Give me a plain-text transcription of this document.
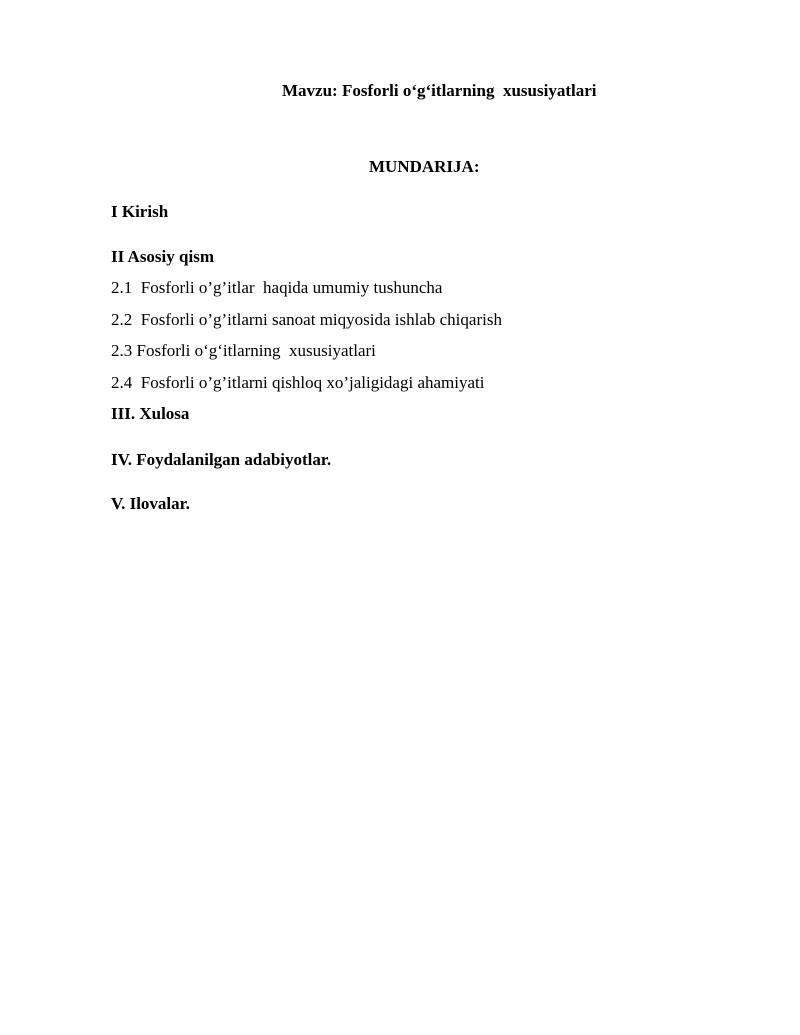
Mavzu: Fosforli o‘g‘itlarning  xususiyatlari
MUNDARIJA:
I Kirish
II Asosiy qism
2.1  Fosforli o’g’itlar  haqida umumiy tushuncha
2.2  Fosforli o’g’itlarni sanoat miqyosida ishlab chiqarish
2.3 Fosforli o‘g‘itlarning  xususiyatlari
2.4  Fosforli o’g’itlarni qishloq xo’jaligidagi ahamiyati
III. Xulosa
IV. Foydalanilgan adabiyotlar.
V. Ilovalar.
